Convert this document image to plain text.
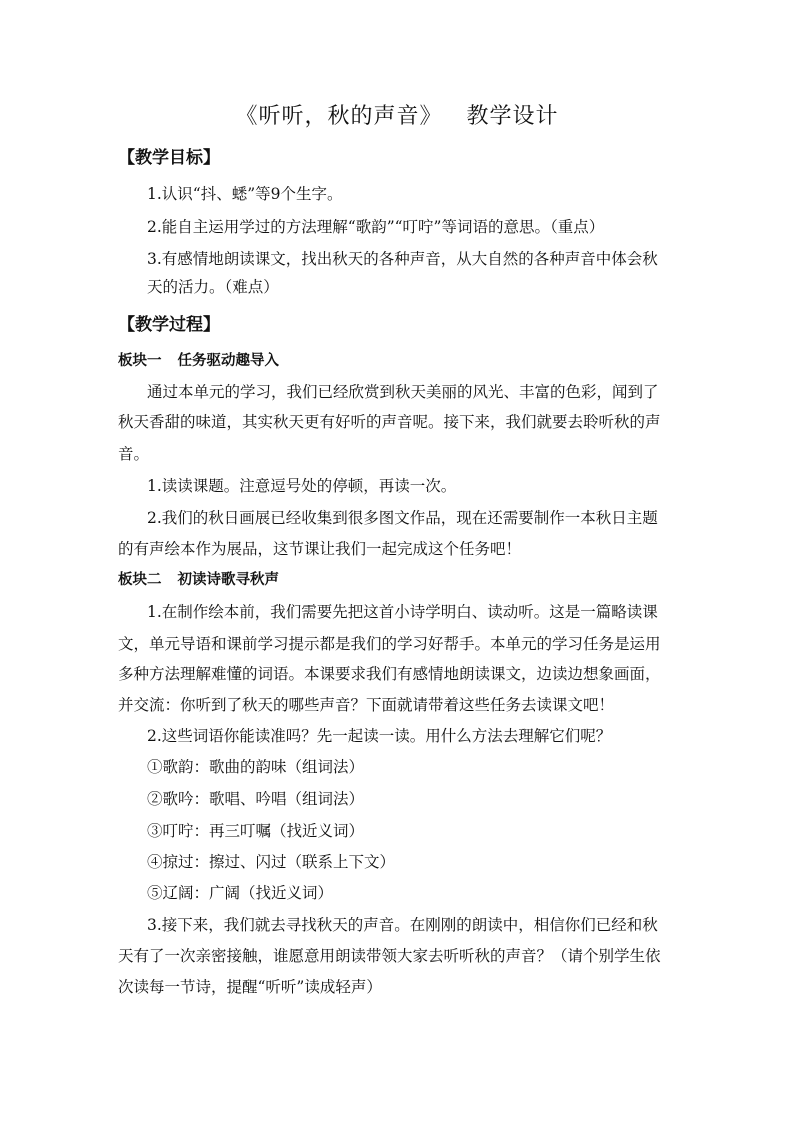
《听听，秋的声音》 教学设计
【教学目标】
1.认识“抖、蟋”等9个生字。
2.能自主运用学过的方法理解“歌韵”“叮咛”等词语的意思。（重点）
3.有感情地朗读课文，找出秋天的各种声音，从大自然的各种声音中体会秋
天的活力。（难点）
【教学过程】
板块一 任务驱动趣导入
通过本单元的学习，我们已经欣赏到秋天美丽的风光、丰富的色彩，闻到了
秋天香甜的味道，其实秋天更有好听的声音呢。接下来，我们就要去聆听秋的声
音。
1.读读课题。注意逗号处的停顿，再读一次。
2.我们的秋日画展已经收集到很多图文作品，现在还需要制作一本秋日主题
的有声绘本作为展品，这节课让我们一起完成这个任务吧！
板块二 初读诗歌寻秋声
1.在制作绘本前，我们需要先把这首小诗学明白、读动听。这是一篇略读课
文，单元导语和课前学习提示都是我们的学习好帮手。本单元的学习任务是运用
多种方法理解难懂的词语。本课要求我们有感情地朗读课文，边读边想象画面，
并交流：你听到了秋天的哪些声音？下面就请带着这些任务去读课文吧！
2.这些词语你能读准吗？先一起读一读。用什么方法去理解它们呢？
①歌韵：歌曲的韵味（组词法）
②歌吟：歌唱、吟唱（组词法）
③叮咛：再三叮嘱（找近义词）
④掠过：擦过、闪过（联系上下文）
⑤辽阔：广阔（找近义词）
3.接下来，我们就去寻找秋天的声音。在刚刚的朗读中，相信你们已经和秋
天有了一次亲密接触，谁愿意用朗读带领大家去听听秋的声音？（请个别学生依
次读每一节诗，提醒“听听”读成轻声）
